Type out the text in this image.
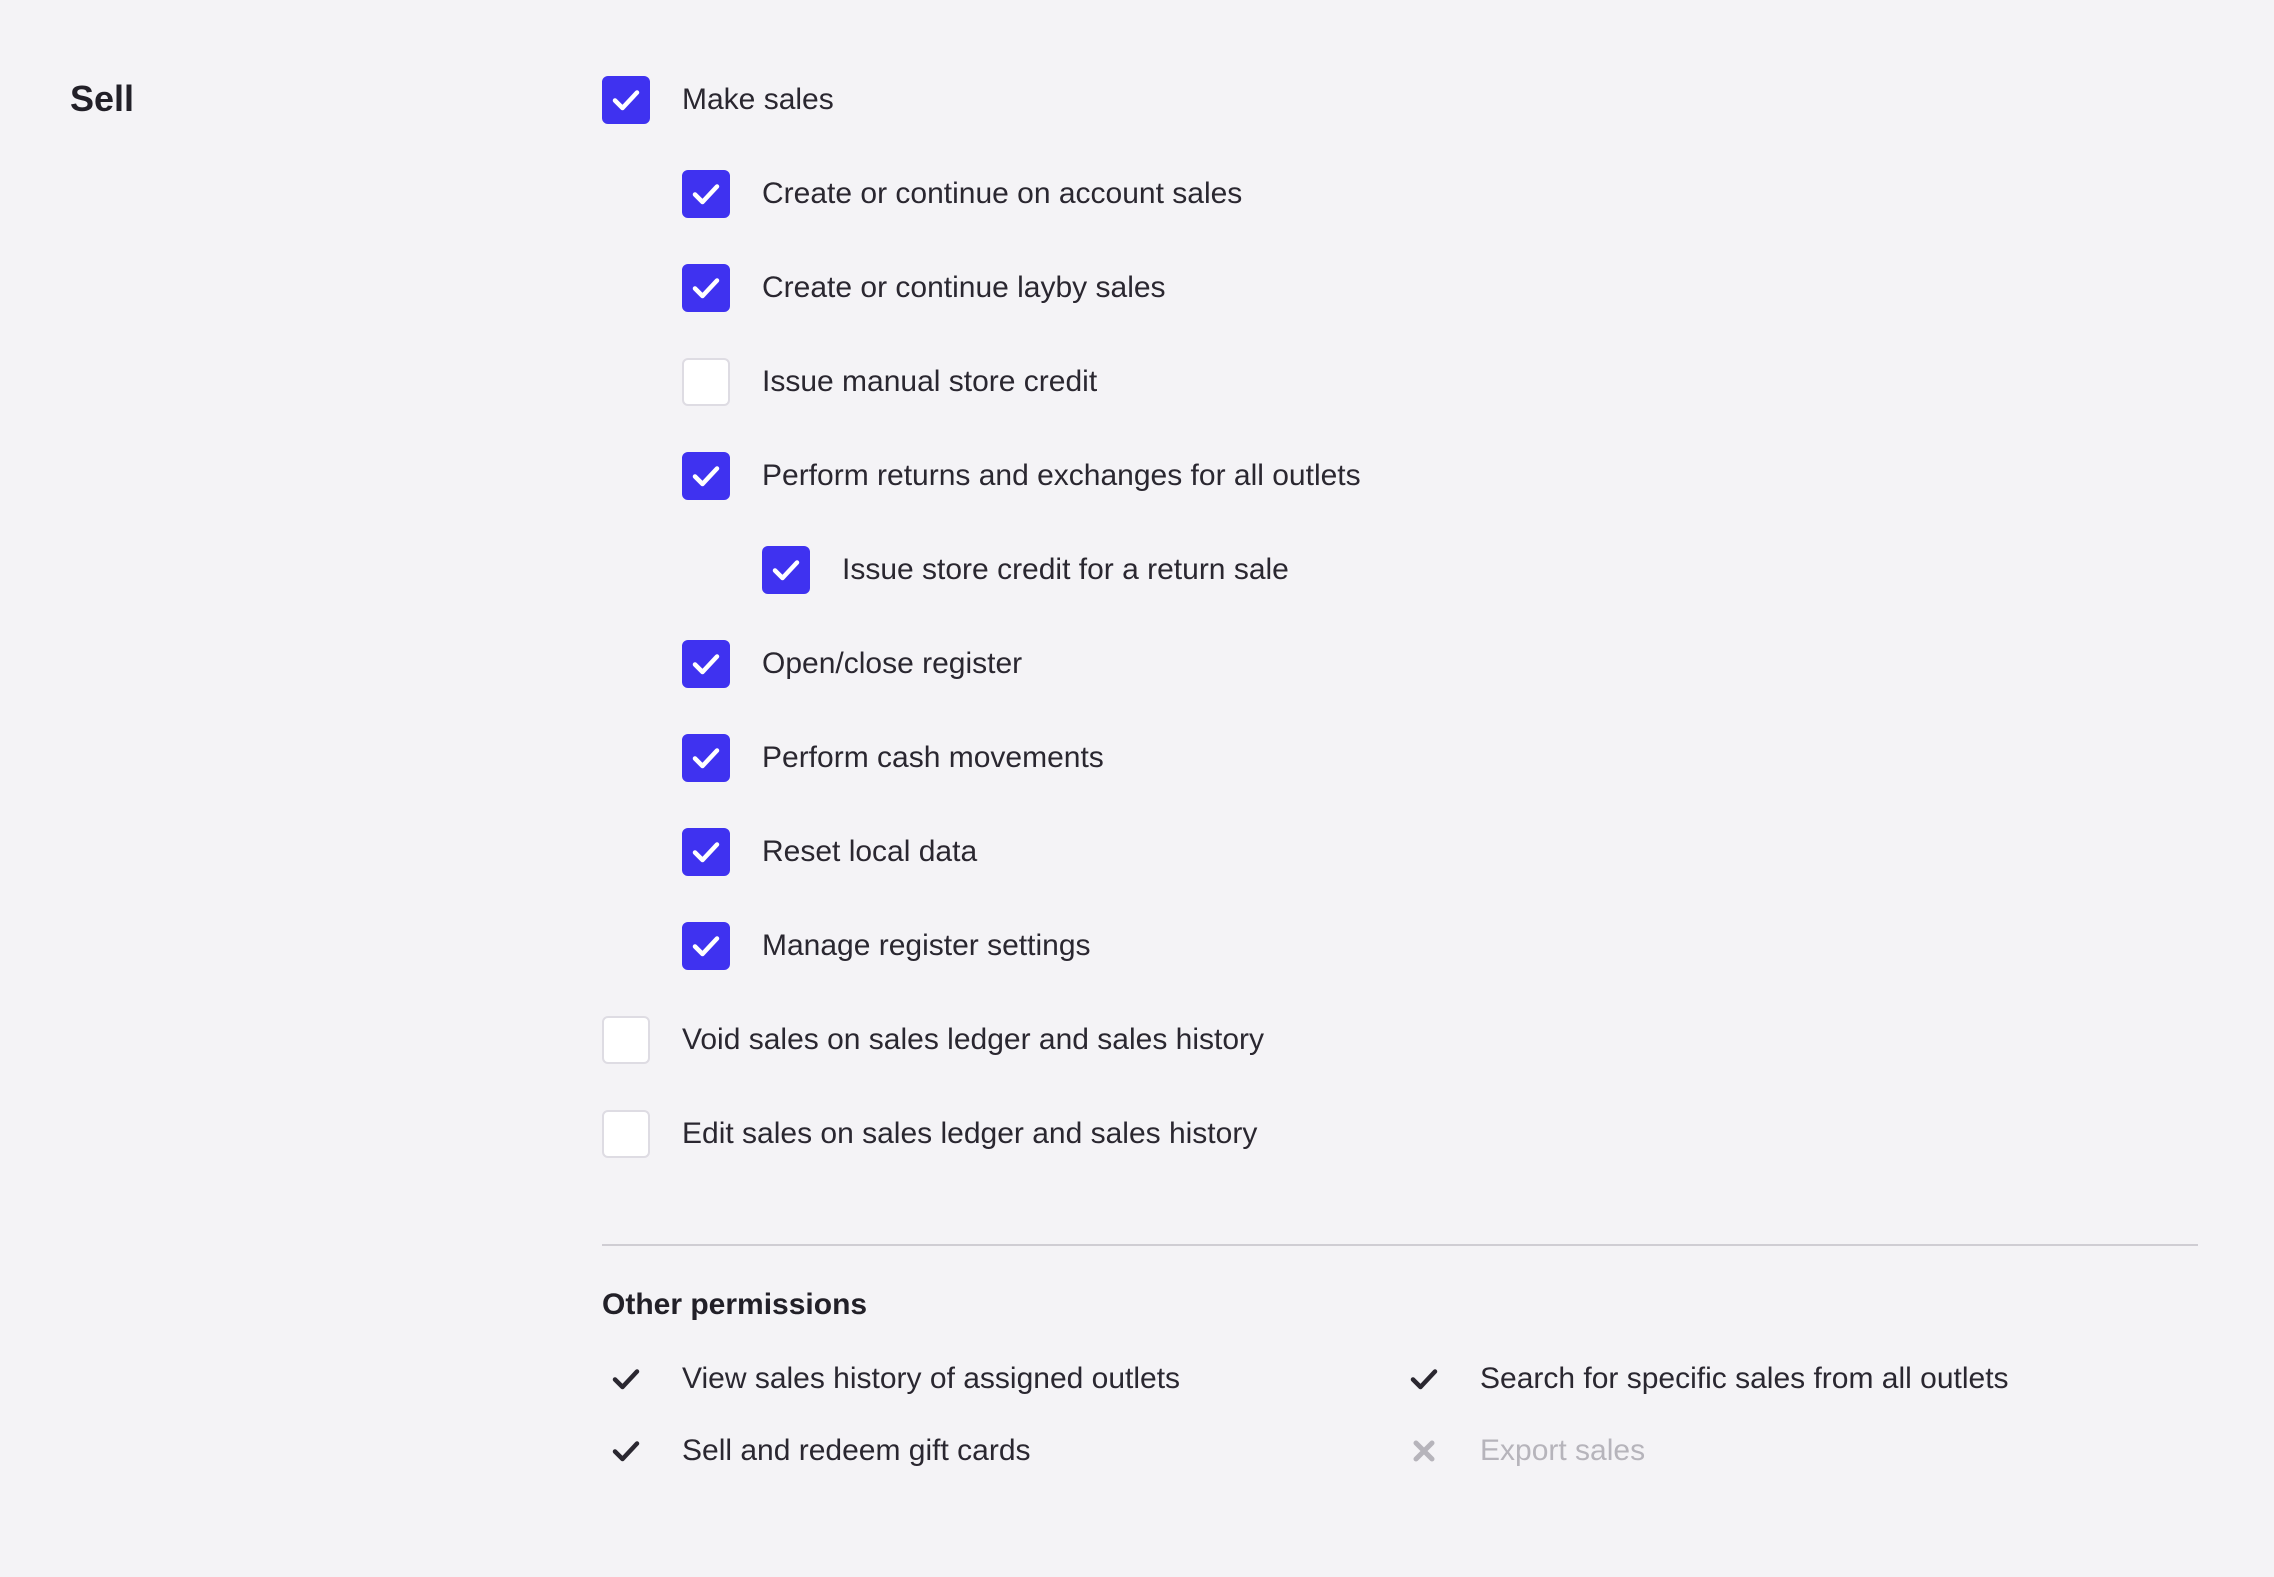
Sell	Make sales
Create or continue on account sales
Create or continue layby sales
Issue manual store credit
Perform returns and exchanges for all outlets
Issue store credit for a return sale
Open/close register
Perform cash movements
Reset local data
Manage register settings
Void sales on sales ledger and sales history
Edit sales on sales ledger and sales history
Other permissions
View sales history of assigned outlets	Search for specific sales from all outlets
Sell and redeem gift cards	Export sales
